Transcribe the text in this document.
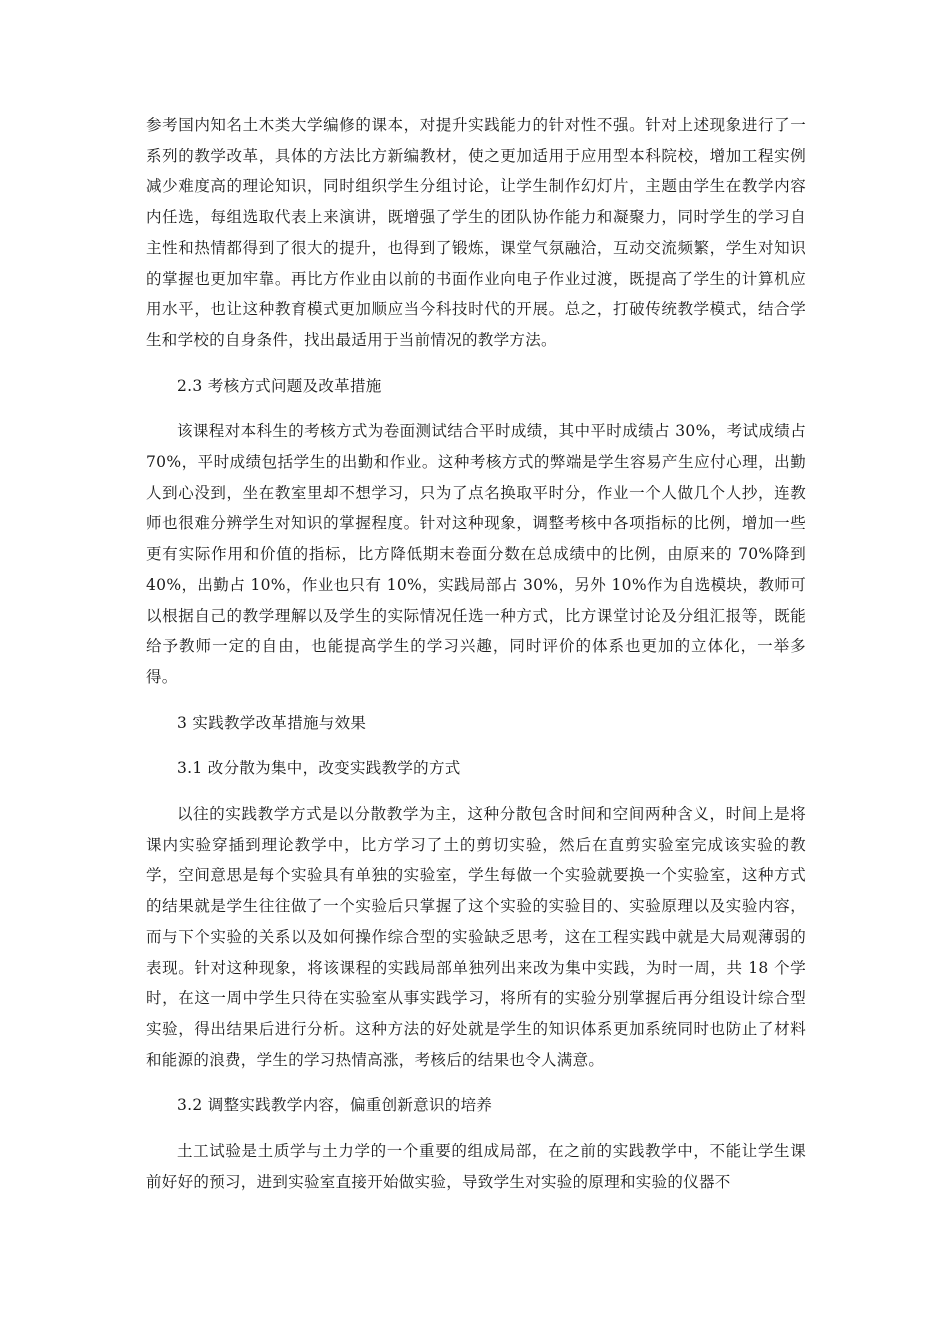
参考国内知名土木类大学编修的课本，对提升实践能力的针对性不强。针对上述现象进行了一系列的教学改革，具体的方法比方新编教材，使之更加适用于应用型本科院校，增加工程实例减少难度高的理论知识，同时组织学生分组讨论，让学生制作幻灯片，主题由学生在教学内容内任选，每组选取代表上来演讲，既增强了学生的团队协作能力和凝聚力，同时学生的学习自主性和热情都得到了很大的提升，也得到了锻炼，课堂气氛融洽，互动交流频繁，学生对知识的掌握也更加牢靠。再比方作业由以前的书面作业向电子作业过渡，既提高了学生的计算机应用水平，也让这种教育模式更加顺应当今科技时代的开展。总之，打破传统教学模式，结合学生和学校的自身条件，找出最适用于当前情况的教学方法。

2.3 考核方式问题及改革措施

该课程对本科生的考核方式为卷面测试结合平时成绩，其中平时成绩占 30%，考试成绩占 70%，平时成绩包括学生的出勤和作业。这种考核方式的弊端是学生容易产生应付心理，出勤人到心没到，坐在教室里却不想学习，只为了点名换取平时分，作业一个人做几个人抄，连教师也很难分辨学生对知识的掌握程度。针对这种现象，调整考核中各项指标的比例，增加一些更有实际作用和价值的指标，比方降低期末卷面分数在总成绩中的比例，由原来的 70%降到 40%，出勤占 10%，作业也只有 10%，实践局部占 30%，另外 10%作为自选模块，教师可以根据自己的教学理解以及学生的实际情况任选一种方式，比方课堂讨论及分组汇报等，既能给予教师一定的自由，也能提高学生的学习兴趣，同时评价的体系也更加的立体化，一举多得。

3 实践教学改革措施与效果

3.1 改分散为集中，改变实践教学的方式

以往的实践教学方式是以分散教学为主，这种分散包含时间和空间两种含义，时间上是将课内实验穿插到理论教学中，比方学习了土的剪切实验，然后在直剪实验室完成该实验的教学，空间意思是每个实验具有单独的实验室，学生每做一个实验就要换一个实验室，这种方式的结果就是学生往往做了一个实验后只掌握了这个实验的实验目的、实验原理以及实验内容，而与下个实验的关系以及如何操作综合型的实验缺乏思考，这在工程实践中就是大局观薄弱的表现。针对这种现象，将该课程的实践局部单独列出来改为集中实践，为时一周，共 18 个学时，在这一周中学生只待在实验室从事实践学习，将所有的实验分别掌握后再分组设计综合型实验，得出结果后进行分析。这种方法的好处就是学生的知识体系更加系统同时也防止了材料和能源的浪费，学生的学习热情高涨，考核后的结果也令人满意。

3.2 调整实践教学内容，偏重创新意识的培养

土工试验是土质学与土力学的一个重要的组成局部，在之前的实践教学中，不能让学生课前好好的预习，进到实验室直接开始做实验，导致学生对实验的原理和实验的仪器不
